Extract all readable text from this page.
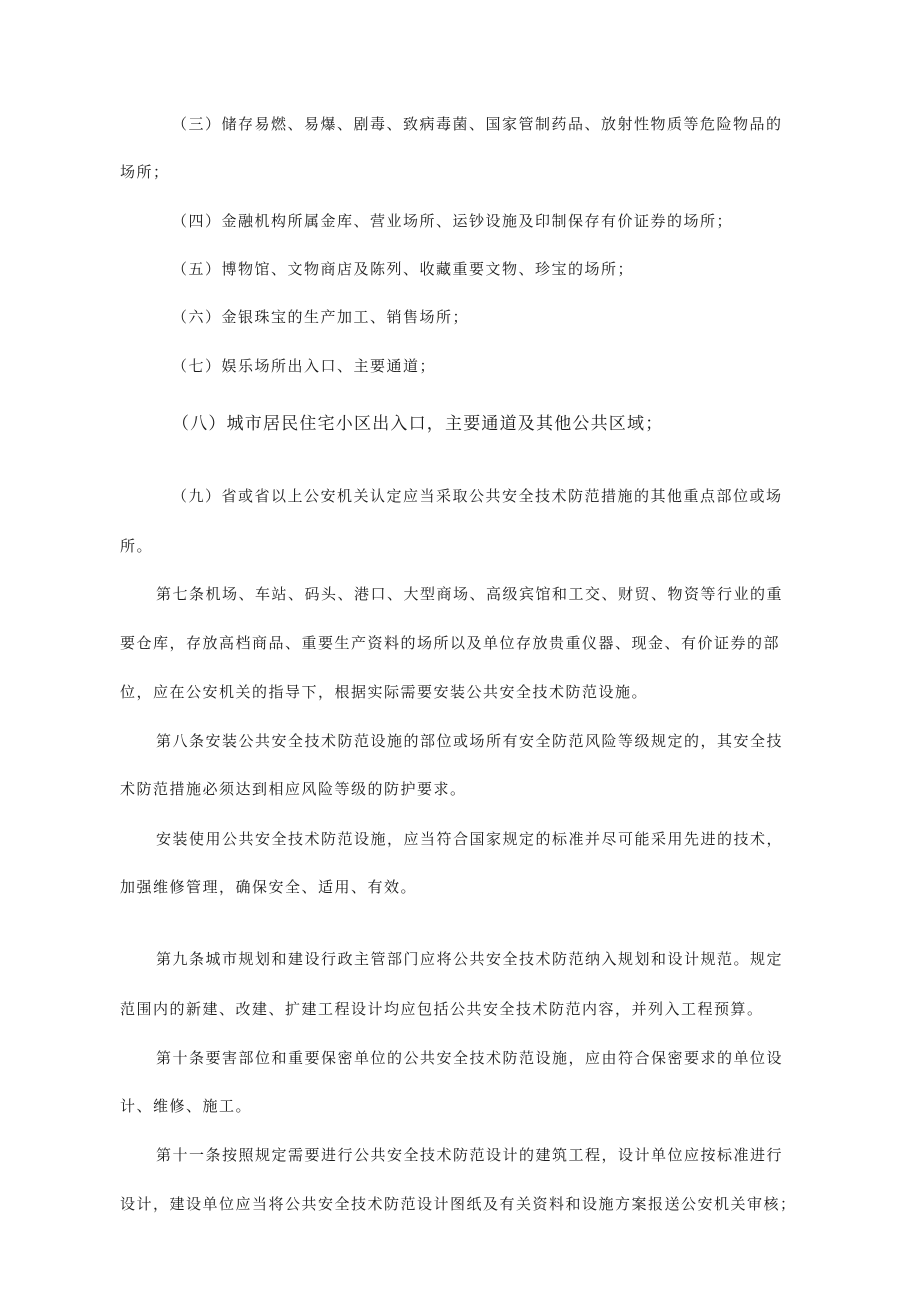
（三）储存易燃、易爆、剧毒、致病毒菌、国家管制药品、放射性物质等危险物品的

场所；

（四）金融机构所属金库、营业场所、运钞设施及印制保存有价证券的场所；

（五）博物馆、文物商店及陈列、收藏重要文物、珍宝的场所；

（六）金银珠宝的生产加工、销售场所；

（七）娱乐场所出入口、主要通道；

（八）城市居民住宅小区出入口，主要通道及其他公共区域；

（九）省或省以上公安机关认定应当采取公共安全技术防范措施的其他重点部位或场

所。

第七条机场、车站、码头、港口、大型商场、高级宾馆和工交、财贸、物资等行业的重

要仓库，存放高档商品、重要生产资料的场所以及单位存放贵重仪器、现金、有价证券的部

位，应在公安机关的指导下，根据实际需要安装公共安全技术防范设施。

第八条安装公共安全技术防范设施的部位或场所有安全防范风险等级规定的，其安全技

术防范措施必须达到相应风险等级的防护要求。

安装使用公共安全技术防范设施，应当符合国家规定的标准并尽可能采用先进的技术，

加强维修管理，确保安全、适用、有效。

第九条城市规划和建设行政主管部门应将公共安全技术防范纳入规划和设计规范。规定

范围内的新建、改建、扩建工程设计均应包括公共安全技术防范内容，并列入工程预算。

第十条要害部位和重要保密单位的公共安全技术防范设施，应由符合保密要求的单位设

计、维修、施工。

第十一条按照规定需要进行公共安全技术防范设计的建筑工程，设计单位应按标准进行

设计，建设单位应当将公共安全技术防范设计图纸及有关资料和设施方案报送公安机关审核；
